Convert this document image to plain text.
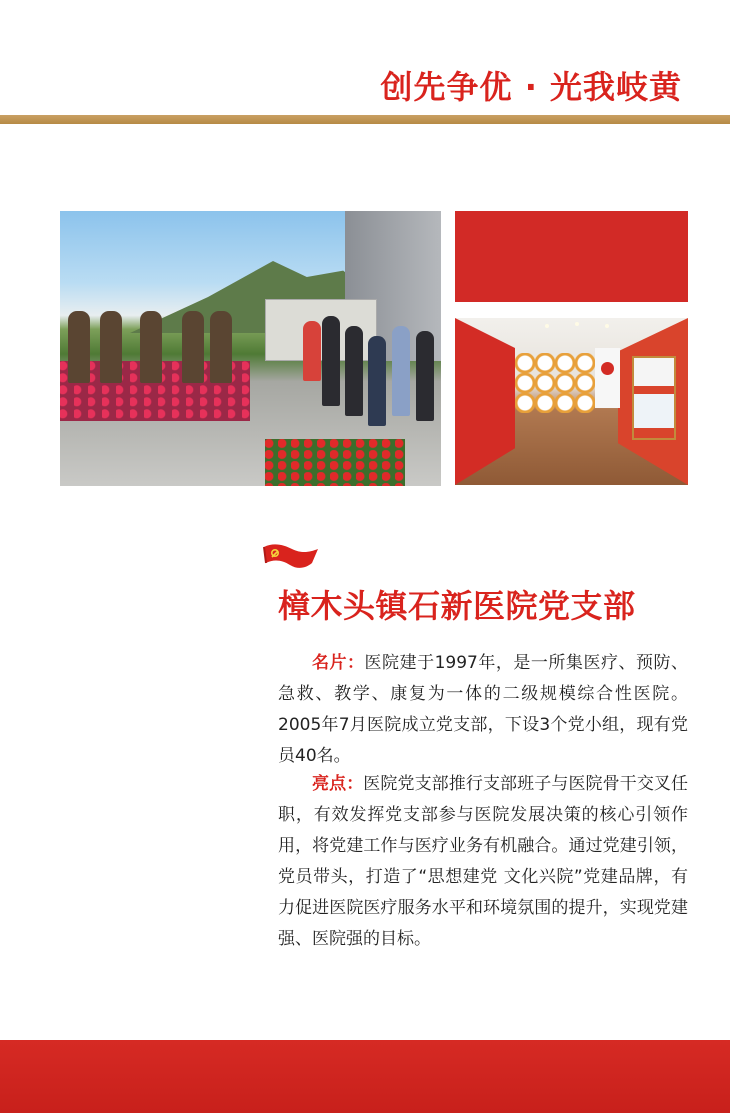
创先争优 · 光我岐黄
樟木头镇石新医院党支部

名片：医院建于1997年，是一所集医疗、预防、急救、教学、康复为一体的二级规模综合性医院。2005年7月医院成立党支部，下设3个党小组，现有党员40名。

亮点：医院党支部推行支部班子与医院骨干交叉任职，有效发挥党支部参与医院发展决策的核心引领作用，将党建工作与医疗业务有机融合。通过党建引领，党员带头，打造了“思想建党 文化兴院”党建品牌，有力促进医院医疗服务水平和环境氛围的提升，实现党建强、医院强的目标。
